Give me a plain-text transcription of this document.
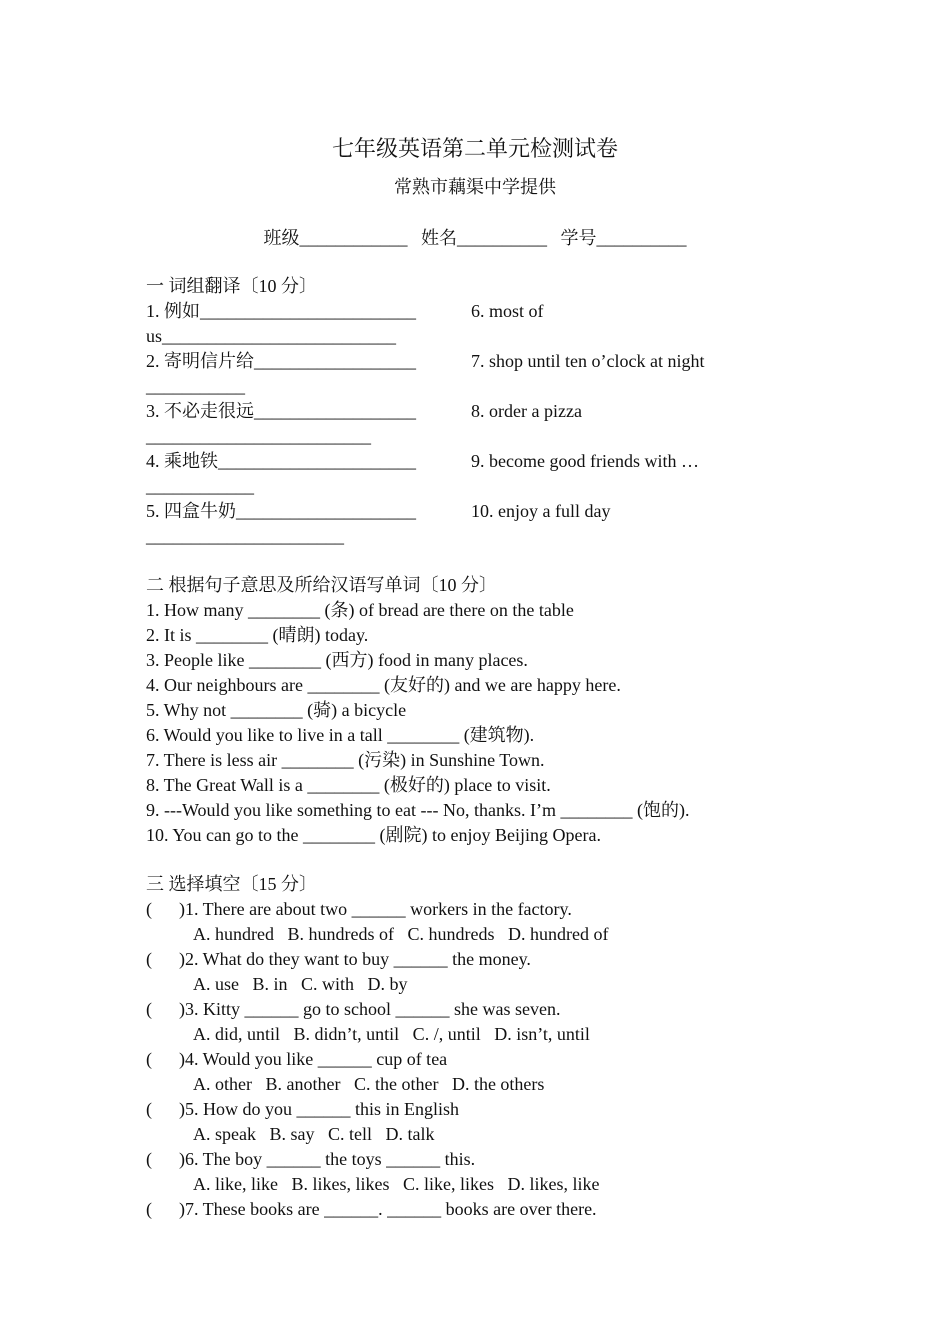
七年级英语第二单元检测试卷
常熟市藕渠中学提供
班级____________   姓名__________   学号__________
一 词组翻译〔10 分〕
1. 例如________________________
us__________________________
2. 寄明信片给__________________
___________
3. 不必走很远__________________
_________________________
4. 乘地铁______________________
____________
5. 四盒牛奶____________________
______________________
6. most of
7. shop until ten o’clock at night
8. order a pizza
9. become good friends with …
10. enjoy a full day
二 根据句子意思及所给汉语写单词〔10 分〕
1. How many ________ (条) of bread are there on the table
2. It is ________ (晴朗) today.
3. People like ________ (西方) food in many places.
4. Our neighbours are ________ (友好的) and we are happy here.
5. Why not ________ (骑) a bicycle
6. Would you like to live in a tall ________ (建筑物).
7. There is less air ________ (污染) in Sunshine Town.
8. The Great Wall is a ________ (极好的) place to visit.
9. ---Would you like something to eat --- No, thanks. I’m ________ (饱的).
10. You can go to the ________ (剧院) to enjoy Beijing Opera.
三 选择填空〔15 分〕
(      )1. There are about two ______ workers in the factory.
A. hundred   B. hundreds of   C. hundreds   D. hundred of
(      )2. What do they want to buy ______ the money.
A. use   B. in   C. with   D. by
(      )3. Kitty ______ go to school ______ she was seven.
A. did, until   B. didn’t, until   C. /, until   D. isn’t, until
(      )4. Would you like ______ cup of tea
A. other   B. another   C. the other   D. the others
(      )5. How do you ______ this in English
A. speak   B. say   C. tell   D. talk
(      )6. The boy ______ the toys ______ this.
A. like, like   B. likes, likes   C. like, likes   D. likes, like
(      )7. These books are ______. ______ books are over there.
